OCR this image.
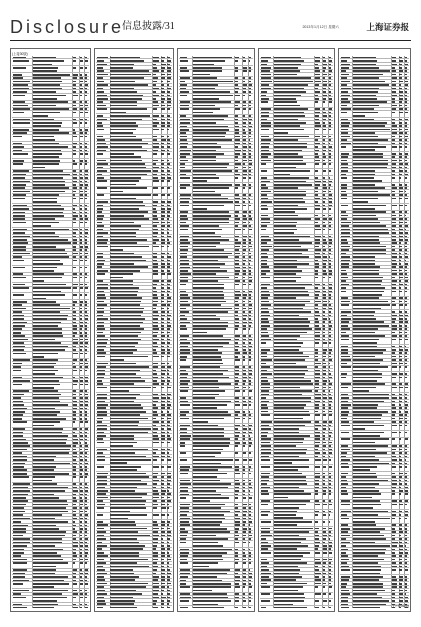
Disclosure
信息披露/31	2013年1月12日 星期六	上海证券报
(上接30版)
(下转32版)
